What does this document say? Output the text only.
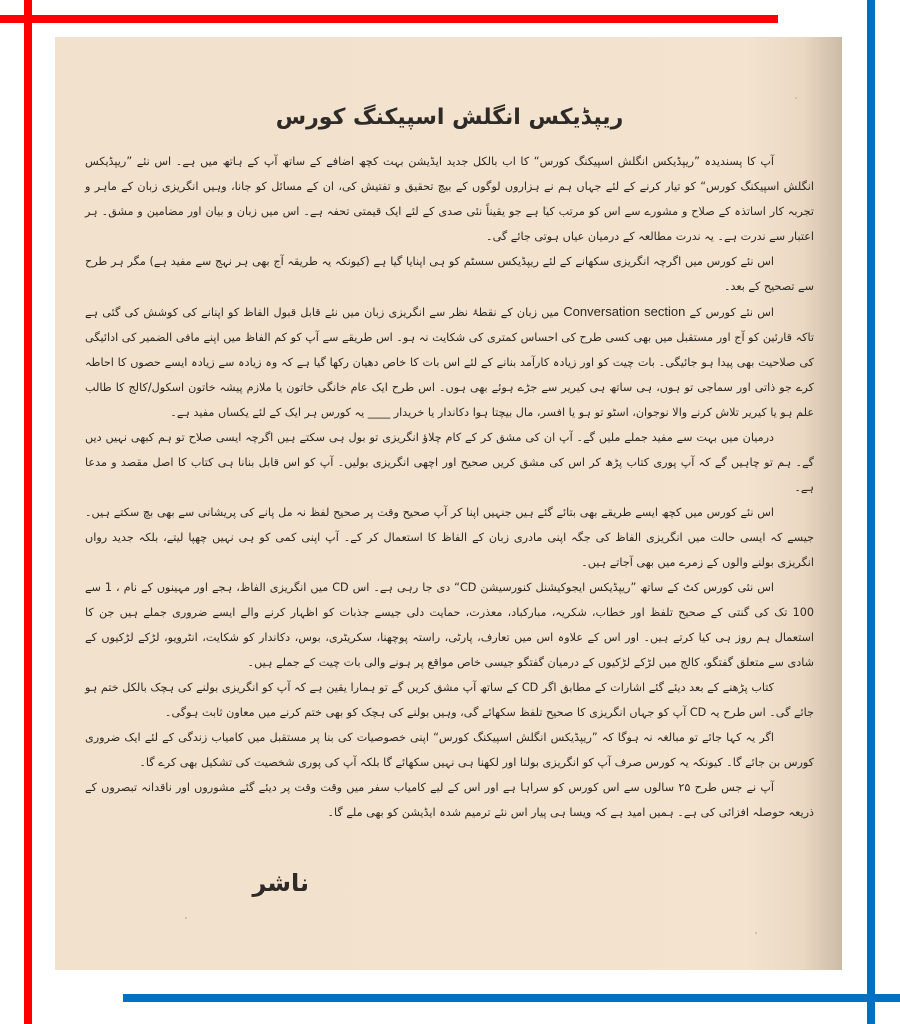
ریپڈیکس انگلش اسپیکنگ کورس

آپ کا پسندیدہ ”ریپڈیکس انگلش اسپیکنگ کورس“ کا اب بالکل جدید ایڈیشن بہت کچھ اضافے کے ساتھ آپ کے ہاتھ میں ہے۔ اس نئے ”ریپڈیکس انگلش اسپیکنگ کورس“ کو تیار کرنے کے لئے جہاں ہم نے ہزاروں لوگوں کے بیچ تحقیق و تفتیش کی، ان کے مسائل کو جانا، وہیں انگریزی زبان کے ماہر و تجربہ کار اساتذہ کے صلاح و مشورے سے اس کو مرتب کیا ہے جو یقیناً نئی صدی کے لئے ایک قیمتی تحفہ ہے۔ اس میں زبان و بیان اور مضامین و مشق۔ ہر اعتبار سے ندرت ہے۔ یہ ندرت مطالعہ کے درمیان عیاں ہوتی جائے گی۔

اس نئے کورس میں اگرچہ انگریزی سکھانے کے لئے ریپڈیکس سسٹم کو ہی اپنایا گیا ہے (کیونکہ یہ طریقہ آج بھی ہر نہج سے مفید ہے) مگر ہر طرح سے تصحیح کے بعد۔

اس نئے کورس کے Conversation section میں زبان کے نقطۂ نظر سے انگریزی زبان میں نئے قابل قبول الفاظ کو اپنانے کی کوشش کی گئی ہے تاکہ قارئین کو آج اور مستقبل میں بھی کسی طرح کی احساس کمتری کی شکایت نہ ہو۔ اس طریقے سے آپ کو کم الفاظ میں اپنے مافی الضمیر کی ادائیگی کی صلاحیت بھی پیدا ہو جائیگی۔ بات چیت کو اور زیادہ کارآمد بنانے کے لئے اس بات کا خاص دھیان رکھا گیا ہے کہ وہ زیادہ سے زیادہ ایسے حصوں کا احاطہ کرے جو ذاتی اور سماجی تو ہوں، ہی ساتھ ہی کیریر سے جڑے ہوئے بھی ہوں۔ اس طرح ایک عام خانگی خاتون یا ملازم پیشہ خاتون اسکول/کالج کا طالب علم ہو یا کیریر تلاش کرنے والا نوجوان، اسٹو تو ہو یا افسر، مال بیچتا ہوا دکاندار یا خریدار ____ یہ کورس ہر ایک کے لئے یکساں مفید ہے۔

درمیان میں بہت سے مفید جملے ملیں گے۔ آپ ان کی مشق کر کے کام چلاؤ انگریزی تو بول ہی سکتے ہیں اگرچہ ایسی صلاح تو ہم کبھی نہیں دیں گے۔ ہم تو چاہیں گے کہ آپ پوری کتاب پڑھ کر اس کی مشق کریں صحیح اور اچھی انگریزی بولیں۔ آپ کو اس قابل بنانا ہی کتاب کا اصل مقصد و مدعا ہے۔

اس نئے کورس میں کچھ ایسے طریقے بھی بتائے گئے ہیں جنہیں اپنا کر آپ صحیح وقت پر صحیح لفظ نہ مل پانے کی پریشانی سے بھی بچ سکتے ہیں۔ جیسے کہ ایسی حالت میں انگریزی الفاظ کی جگہ اپنی مادری زبان کے الفاظ کا استعمال کر کے۔ آپ اپنی کمی کو ہی نہیں چھپا لیتے، بلکہ جدید رواں انگریزی بولنے والوں کے زمرے میں بھی آجاتے ہیں۔

اس نئی کورس کٹ کے ساتھ ”ریپڈیکس ایجوکیشنل کنورسیشن CD“ دی جا رہی ہے۔ اس CD میں انگریزی الفاظ، ہجے اور مہینوں کے نام ، 1 سے 100 تک کی گنتی کے صحیح تلفظ اور خطاب، شکریہ، مبارکباد، معذرت، حمایت دلی جیسے جذبات کو اظہار کرنے والے ایسے ضروری جملے ہیں جن کا استعمال ہم روز ہی کیا کرتے ہیں۔ اور اس کے علاوہ اس میں تعارف، پارٹی، راستہ پوچھنا، سکریٹری، بوس، دکاندار کو شکایت، انٹرویو، لڑکے لڑکیوں کے شادی سے متعلق گفتگو، کالج میں لڑکے لڑکیوں کے درمیان گفتگو جیسی خاص مواقع پر ہونے والی بات چیت کے جملے ہیں۔

کتاب پڑھنے کے بعد دیئے گئے اشارات کے مطابق اگر CD کے ساتھ آپ مشق کریں گے تو ہمارا یقین ہے کہ آپ کو انگریزی بولنے کی ہچک بالکل ختم ہو جائے گی۔ اس طرح یہ CD آپ کو جہاں انگریزی کا صحیح تلفظ سکھائے گی، وہیں بولنے کی ہچک کو بھی ختم کرنے میں معاون ثابت ہوگی۔

اگر یہ کہا جائے تو مبالغہ نہ ہوگا کہ ”ریپڈیکس انگلش اسپیکنگ کورس“ اپنی خصوصیات کی بنا پر مستقبل میں کامیاب زندگی کے لئے ایک ضروری کورس بن جائے گا۔ کیونکہ یہ کورس صرف آپ کو انگریزی بولنا اور لکھنا ہی نہیں سکھائے گا بلکہ آپ کی پوری شخصیت کی تشکیل بھی کرے گا۔

آپ نے جس طرح ۲۵ سالوں سے اس کورس کو سراہا ہے اور اس کے لیے کامیاب سفر میں وقت وقت پر دیئے گئے مشوروں اور ناقدانہ تبصروں کے ذریعہ حوصلہ افزائی کی ہے۔ ہمیں امید ہے کہ ویسا ہی پیار اس نئے ترمیم شدہ ایڈیشن کو بھی ملے گا۔

ناشر
